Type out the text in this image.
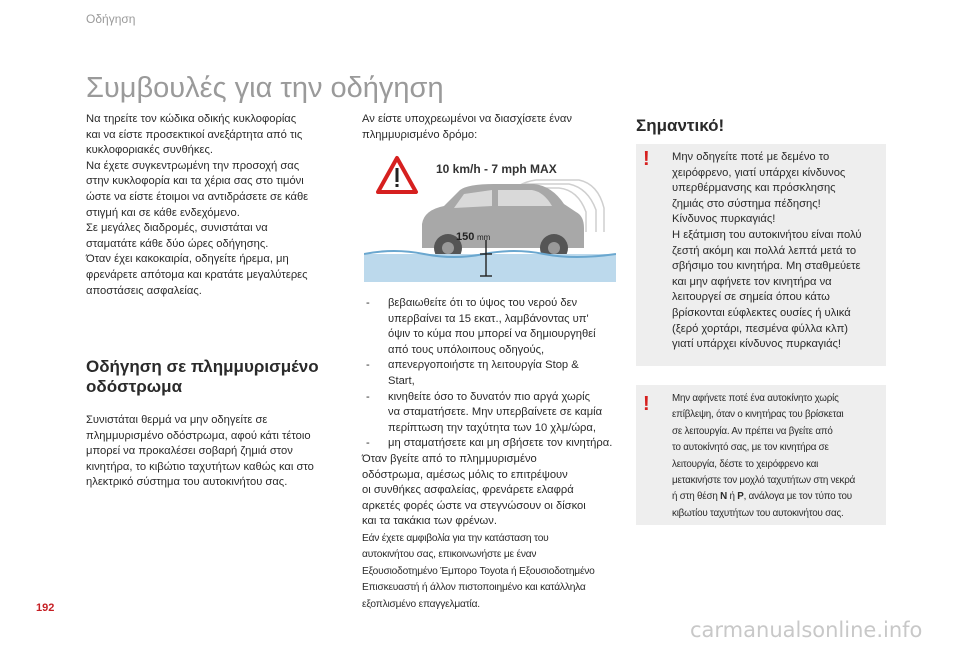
Οδήγηση
Συμβουλές για την οδήγηση

Να τηρείτε τον κώδικα οδικής κυκλοφορίας

και να είστε προσεκτικοί ανεξάρτητα από τις

κυκλοφοριακές συνθήκες.

Να έχετε συγκεντρωμένη την προσοχή σας

στην κυκλοφορία και τα χέρια σας στο τιμόνι

ώστε να είστε έτοιμοι να αντιδράσετε σε κάθε

στιγμή και σε κάθε ενδεχόμενο.

Σε μεγάλες διαδρομές, συνιστάται να

σταματάτε κάθε δύο ώρες οδήγησης.

Όταν έχει κακοκαιρία, οδηγείτε ήρεμα, μη

φρενάρετε απότομα και κρατάτε μεγαλύτερες

αποστάσεις ασφαλείας.

Οδήγηση σε πλημμυρισμένο οδόστρωμα

Συνιστάται θερμά να μην οδηγείτε σε

πλημμυρισμένο οδόστρωμα, αφού κάτι τέτοιο

μπορεί να προκαλέσει σοβαρή ζημιά στον

κινητήρα, το κιβώτιο ταχυτήτων καθώς και στο

ηλεκτρικό σύστημα του αυτοκινήτου σας.

Αν είστε υποχρεωμένοι να διασχίσετε έναν

πλημμυρισμένο δρόμο:

10 km/h - 7 mph MAX
150 mm
- βεβαιωθείτε ότι το ύψος του νερού δεν
υπερβαίνει τα 15 εκατ., λαμβάνοντας υπ'
όψιν το κύμα που μπορεί να δημιουργηθεί
από τους υπόλοιπους οδηγούς,
- απενεργοποιήστε τη λειτουργία Stop &
Start,
- κινηθείτε όσο το δυνατόν πιο αργά χωρίς
να σταματήσετε. Μην υπερβαίνετε σε καμία
περίπτωση την ταχύτητα των 10 χλμ/ώρα,
- μη σταματήσετε και μη σβήσετε τον κινητήρα.

Όταν βγείτε από το πλημμυρισμένο

οδόστρωμα, αμέσως μόλις το επιτρέψουν

οι συνθήκες ασφαλείας, φρενάρετε ελαφρά

αρκετές φορές ώστε να στεγνώσουν οι δίσκοι

και τα τακάκια των φρένων.

Εάν έχετε αμφιβολία για την κατάσταση του
αυτοκινήτου σας, επικοινωνήστε με έναν
Εξουσιοδοτημένο Έμπορο Toyota ή Εξουσιοδοτημένο
Επισκευαστή ή άλλον πιστοποιημένο και κατάλληλα
εξοπλισμένο επαγγελματία.
Σημαντικό!
! Μην οδηγείτε ποτέ με δεμένο το
χειρόφρενο, γιατί υπάρχει κίνδυνος
υπερθέρμανσης και πρόσκλησης
ζημιάς στο σύστημα πέδησης!
Κίνδυνος πυρκαγιάς!
Η εξάτμιση του αυτοκινήτου είναι πολύ
ζεστή ακόμη και πολλά λεπτά μετά το
σβήσιμο του κινητήρα. Μη σταθμεύετε
και μην αφήνετε τον κινητήρα να
λειτουργεί σε σημεία όπου κάτω
βρίσκονται εύφλεκτες ουσίες ή υλικά
(ξερό χορτάρι, πεσμένα φύλλα κλπ)
γιατί υπάρχει κίνδυνος πυρκαγιάς!
! Μην αφήνετε ποτέ ένα αυτοκίνητο χωρίς
επίβλεψη, όταν ο κινητήρας του βρίσκεται
σε λειτουργία. Αν πρέπει να βγείτε από
το αυτοκίνητό σας, με τον κινητήρα σε
λειτουργία, δέστε το χειρόφρενο και
μετακινήστε τον μοχλό ταχυτήτων στη νεκρά
ή στη θέση N ή P, ανάλογα με τον τύπο του
κιβωτίου ταχυτήτων του αυτοκινήτου σας.
192
carmanualsonline.info
